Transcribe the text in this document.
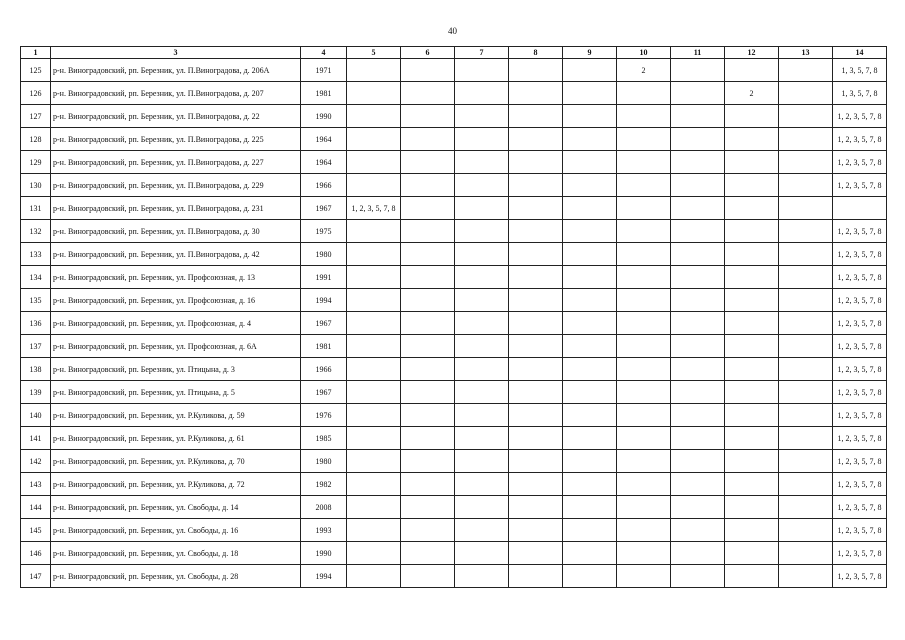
40
1	3	4	5	6	7	8	9	10	11	12	13	14
125	р-н. Виноградовский, рп. Березник, ул. П.Виноградова, д. 206А	1971						2				1, 3, 5, 7, 8
126	р-н. Виноградовский, рп. Березник, ул. П.Виноградова, д. 207	1981								2		1, 3, 5, 7, 8
127	р-н. Виноградовский, рп. Березник, ул. П.Виноградова, д. 22	1990										1, 2, 3, 5, 7, 8
128	р-н. Виноградовский, рп. Березник, ул. П.Виноградова, д. 225	1964										1, 2, 3, 5, 7, 8
129	р-н. Виноградовский, рп. Березник, ул. П.Виноградова, д. 227	1964										1, 2, 3, 5, 7, 8
130	р-н. Виноградовский, рп. Березник, ул. П.Виноградова, д. 229	1966										1, 2, 3, 5, 7, 8
131	р-н. Виноградовский, рп. Березник, ул. П.Виноградова, д. 231	1967	1, 2, 3, 5, 7, 8									
132	р-н. Виноградовский, рп. Березник, ул. П.Виноградова, д. 30	1975										1, 2, 3, 5, 7, 8
133	р-н. Виноградовский, рп. Березник, ул. П.Виноградова, д. 42	1980										1, 2, 3, 5, 7, 8
134	р-н. Виноградовский, рп. Березник, ул. Профсоюзная, д. 13	1991										1, 2, 3, 5, 7, 8
135	р-н. Виноградовский, рп. Березник, ул. Профсоюзная, д. 16	1994										1, 2, 3, 5, 7, 8
136	р-н. Виноградовский, рп. Березник, ул. Профсоюзная, д. 4	1967										1, 2, 3, 5, 7, 8
137	р-н. Виноградовский, рп. Березник, ул. Профсоюзная, д. 6А	1981										1, 2, 3, 5, 7, 8
138	р-н. Виноградовский, рп. Березник, ул. Птицына, д. 3	1966										1, 2, 3, 5, 7, 8
139	р-н. Виноградовский, рп. Березник, ул. Птицына, д. 5	1967										1, 2, 3, 5, 7, 8
140	р-н. Виноградовский, рп. Березник, ул. Р.Куликова, д. 59	1976										1, 2, 3, 5, 7, 8
141	р-н. Виноградовский, рп. Березник, ул. Р.Куликова, д. 61	1985										1, 2, 3, 5, 7, 8
142	р-н. Виноградовский, рп. Березник, ул. Р.Куликова, д. 70	1980										1, 2, 3, 5, 7, 8
143	р-н. Виноградовский, рп. Березник, ул. Р.Куликова, д. 72	1982										1, 2, 3, 5, 7, 8
144	р-н. Виноградовский, рп. Березник, ул. Свободы, д. 14	2008										1, 2, 3, 5, 7, 8
145	р-н. Виноградовский, рп. Березник, ул. Свободы, д. 16	1993										1, 2, 3, 5, 7, 8
146	р-н. Виноградовский, рп. Березник, ул. Свободы, д. 18	1990										1, 2, 3, 5, 7, 8
147	р-н. Виноградовский, рп. Березник, ул. Свободы, д. 28	1994										1, 2, 3, 5, 7, 8
